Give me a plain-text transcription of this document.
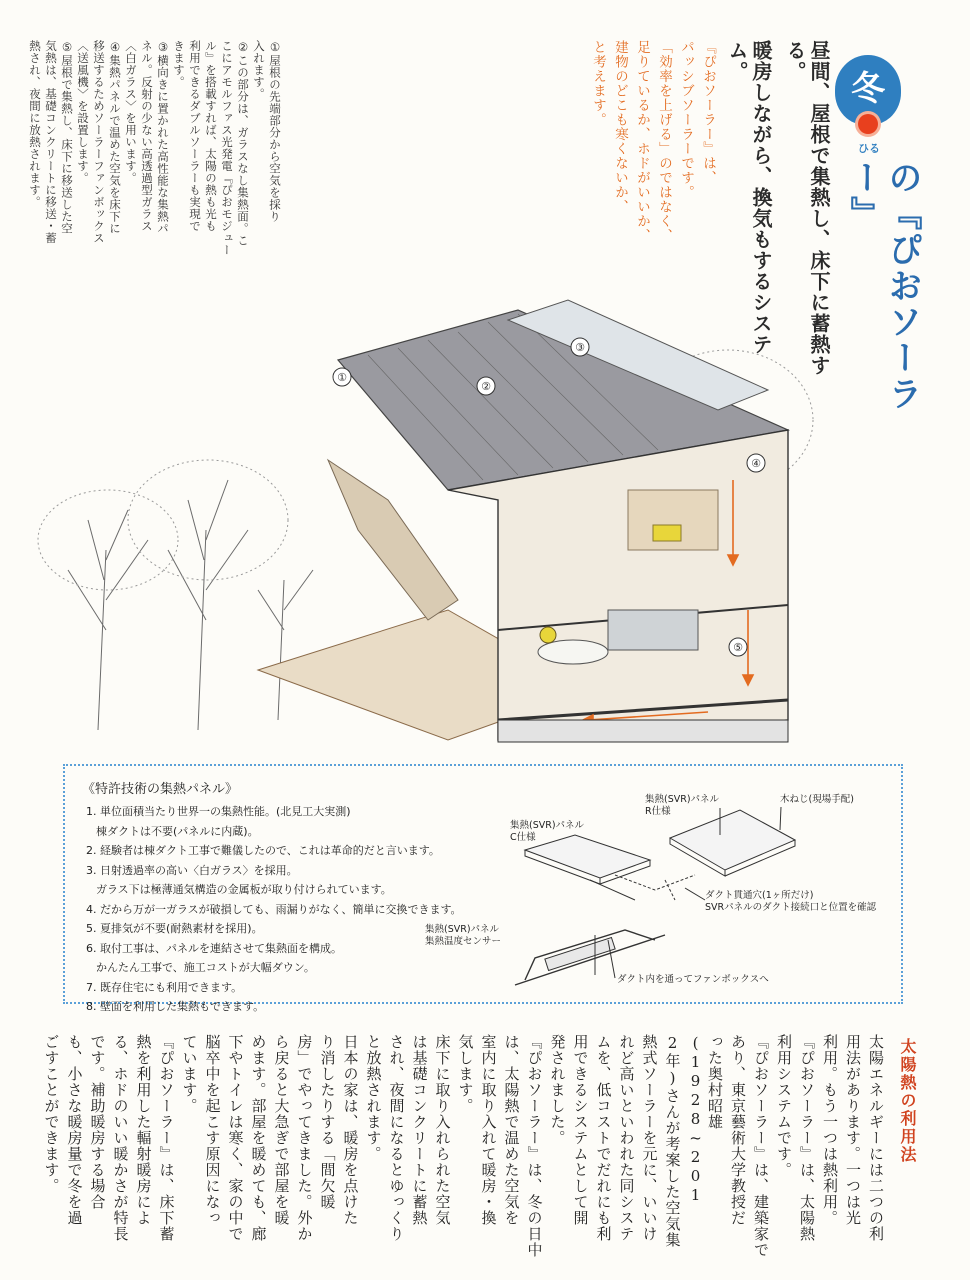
①屋根の先端部分から空気を採り
入れます。
②この部分は、ガラスなし集熱面。こ
こにアモルファス光発電『ぴおモジュー
ル』を搭載すれば、太陽の熱も光も
利用できるダブルソーラーも実現で
きます。
③横向きに置かれた高性能な集熱パ
ネル。反射の少ない高透過型ガラス
〈白ガラス〉を用います。
④集熱パネルで温めた空気を床下に
移送するためソーラーファンボックス
〈送風機〉を設置します。
⑤屋根で集熱し、床下に移送した空
気熱は、基礎コンクリートに移送・蓄
熱され、夜間に放熱されます。	『ぴおソーラー』は、
パッシブソーラーです。
「効率を上げる」のではなく、
足りているか、ホドがいいか、
建物のどこも寒くないか、
と考えます。	昼間、屋根で集熱し、床下に蓄熱する。
暖房しながら、換気もするシステム。
冬
ひる
の『ぴおソーラー』
①
②
③
④
⑤
《特許技術の集熱パネル》
1. 単位面積当たり世界一の集熱性能。(北見工大実測)
棟ダクトは不要(パネルに内蔵)。
2. 経験者は棟ダクト工事で難儀したので、これは革命的だと言います。
3. 日射透過率の高い〈白ガラス〉を採用。
ガラス下は極薄通気構造の金属板が取り付けられています。
4. だから万が一ガラスが破損しても、雨漏りがなく、簡単に交換できます。
5. 夏排気が不要(耐熱素材を採用)。
6. 取付工事は、パネルを連結させて集熱面を構成。
かんたん工事で、施工コストが大幅ダウン。
7. 既存住宅にも利用できます。
8. 壁面を利用した集熱もできます。
集熱(SVR)パネル
C仕様
集熱(SVR)パネル
R仕様
木ねじ(現場手配)
ダクト貫通穴(1ヶ所だけ)
SVRパネルのダクト接続口と位置を確認
集熱(SVR)パネル
集熱温度センサー
ダクト内を通ってファンボックスへ
太陽熱の利用法
太陽エネルギーには二つの利
用法があります。一つは光
利用。もう一つは熱利用。
『ぴおソーラー』は、太陽熱
利用システムです。
『ぴおソーラー』は、建築家で
あり、東京藝術大学教授だ
った奥村昭雄(1928~201
2年)さんが考案した空気集
熱式ソーラーを元に、いいけ
れど高いといわれた同システ
ムを、低コストでだれにも利
用できるシステムとして開
発されました。
『ぴおソーラー』は、冬の日中
は、太陽熱で温めた空気を
室内に取り入れて暖房・換
気します。
床下に取り入れられた空気
は基礎コンクリートに蓄熱
され、夜間になるとゆっくり
と放熱されます。
日本の家は、暖房を点けた
り消したりする「間欠暖
房」でやってきました。外か
ら戻ると大急ぎで部屋を暖
めます。部屋を暖めても、廊
下やトイレは寒く、家の中で
脳卒中を起こす原因になっ
ています。
『ぴおソーラー』は、床下蓄
熱を利用した輻射暖房によ
る、ホドのいい暖かさが特長
です。補助暖房する場合
も、小さな暖房量で冬を過
ごすことができます。
